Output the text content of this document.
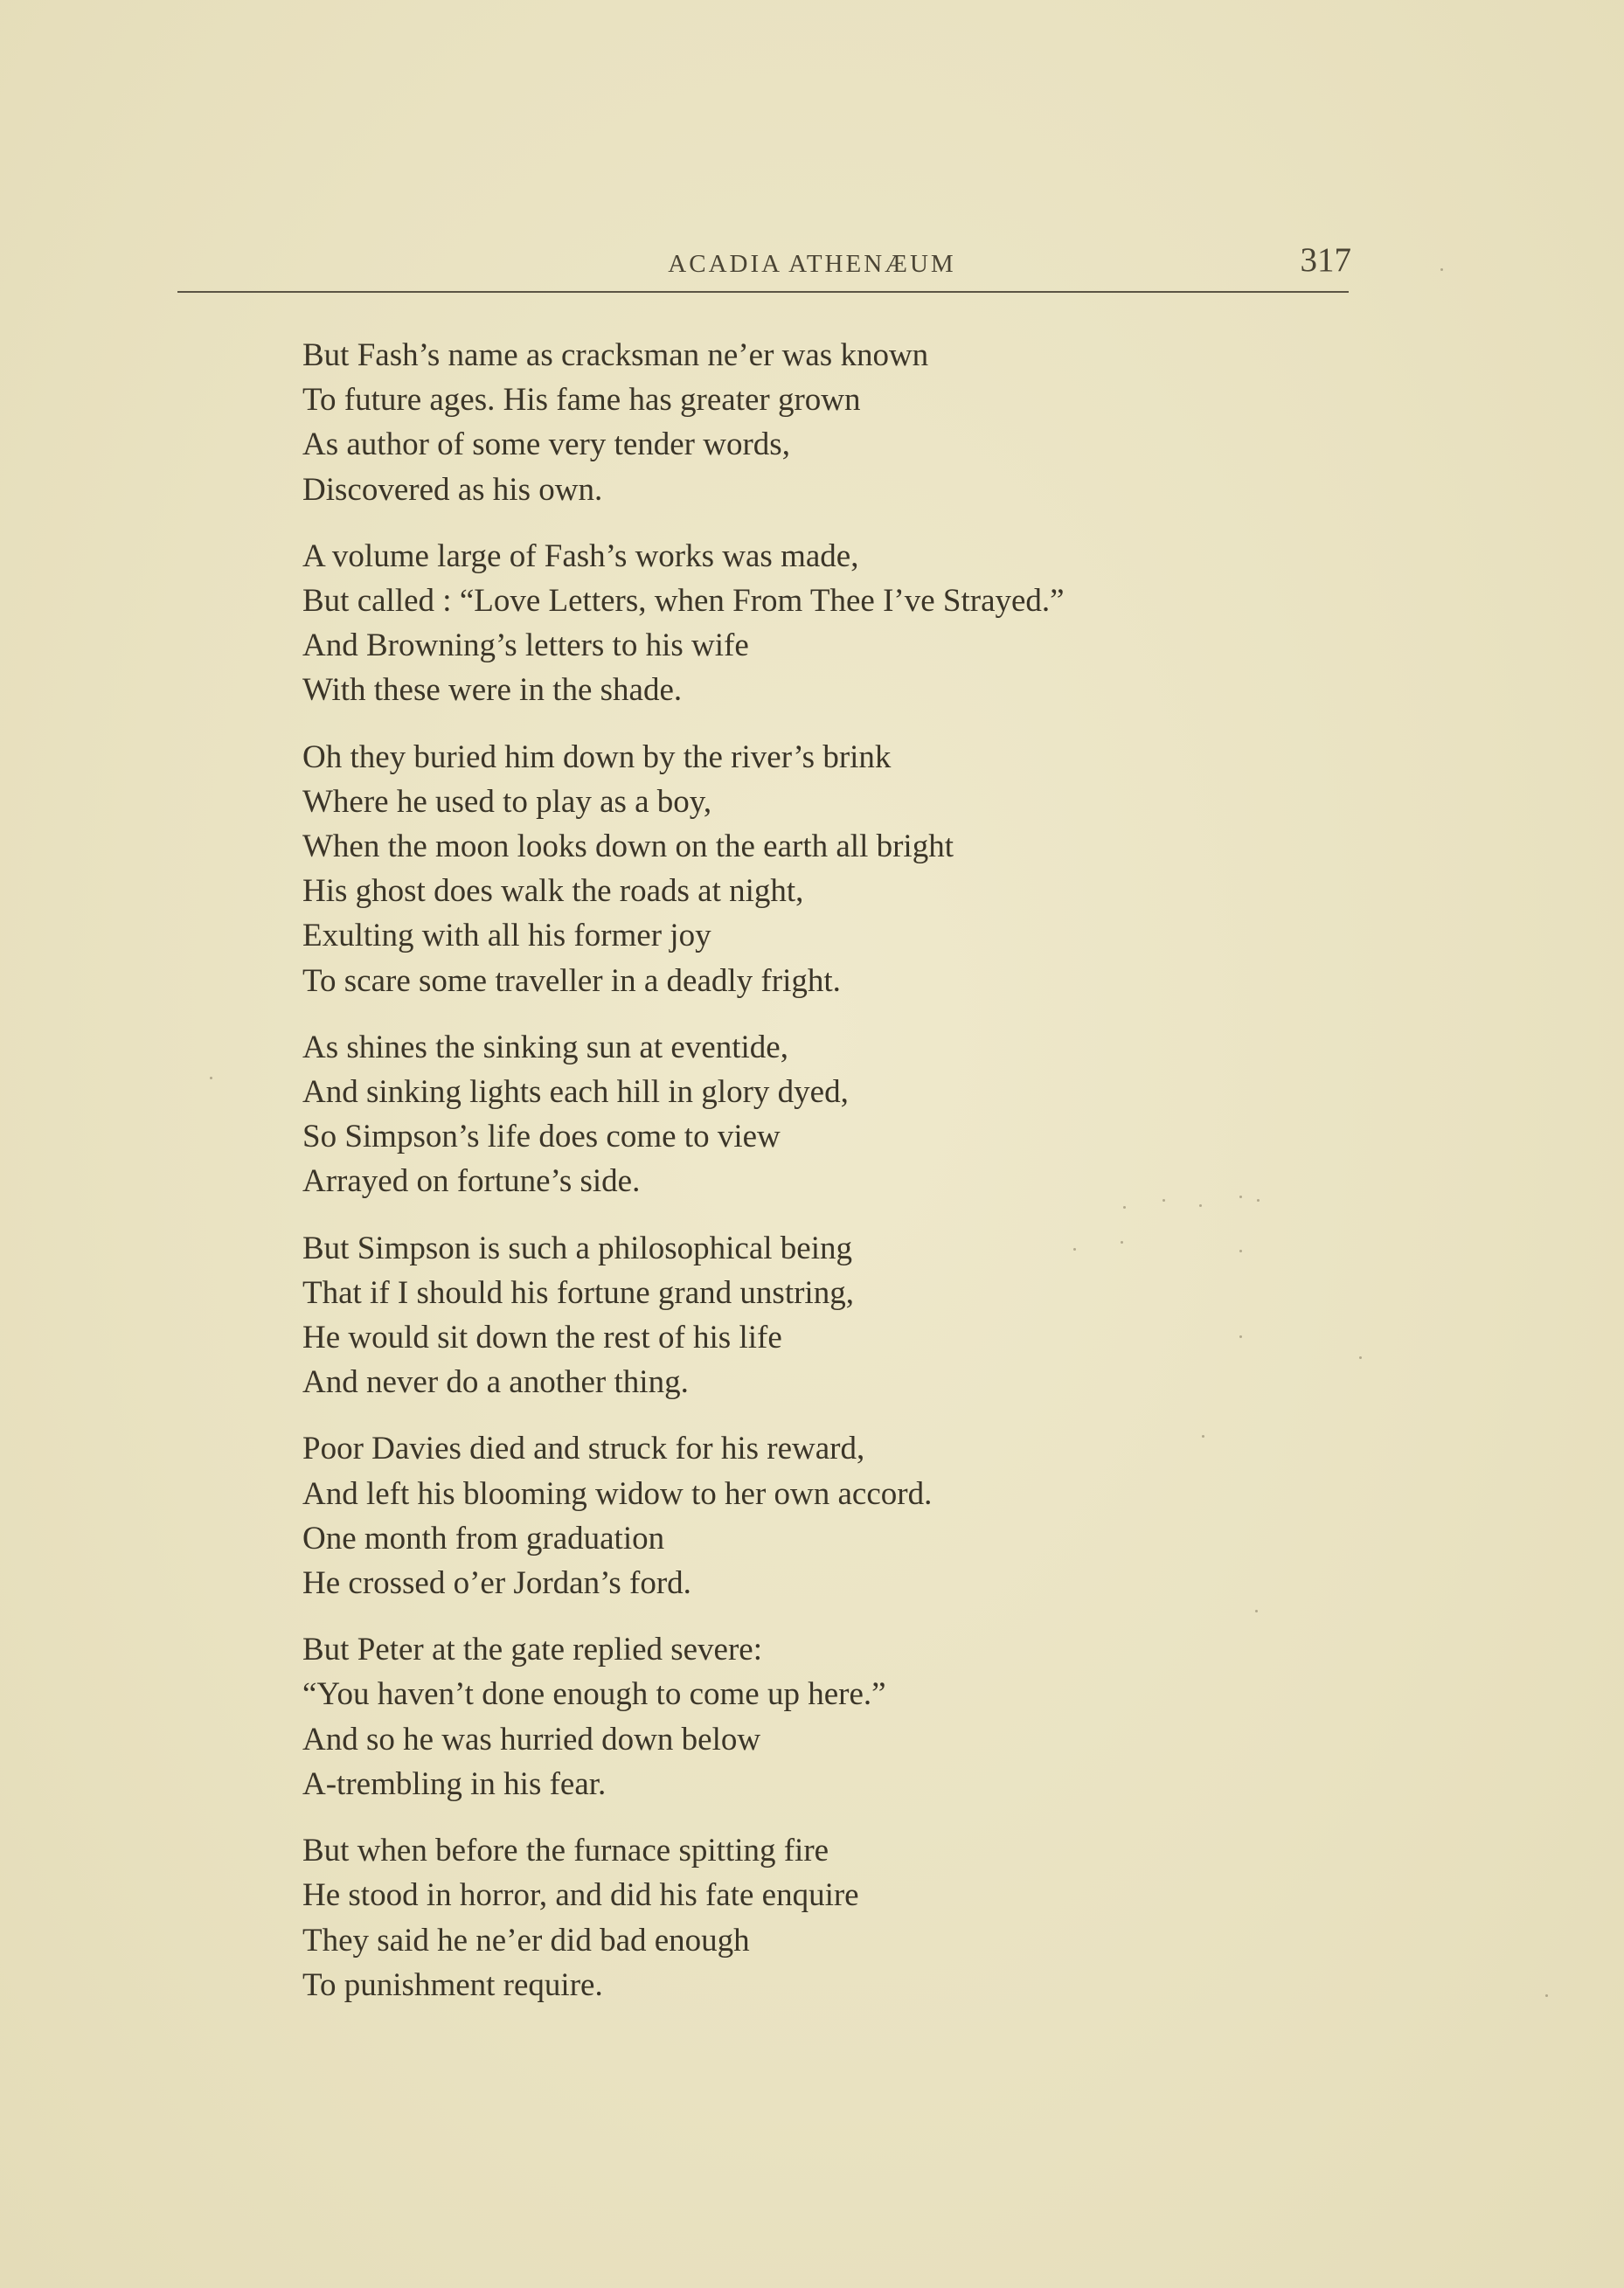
ACADIA ATHENÆUM	317
But Fash’s name as cracksman ne’er was known
To future ages. His fame has greater grown
As author of some very tender words,
Discovered as his own.
A volume large of Fash’s works was made,
But called : “Love Letters, when From Thee I’ve Strayed.”
And Browning’s letters to his wife
With these were in the shade.
Oh they buried him down by the river’s brink
Where he used to play as a boy,
When the moon looks down on the earth all bright
His ghost does walk the roads at night,
Exulting with all his former joy
To scare some traveller in a deadly fright.
As shines the sinking sun at eventide,
And sinking lights each hill in glory dyed,
So Simpson’s life does come to view
Arrayed on fortune’s side.
But Simpson is such a philosophical being
That if I should his fortune grand unstring,
He would sit down the rest of his life
And never do a another thing.
Poor Davies died and struck for his reward,
And left his blooming widow to her own accord.
One month from graduation
He crossed o’er Jordan’s ford.
But Peter at the gate replied severe:
“You haven’t done enough to come up here.”
And so he was hurried down below
A-trembling in his fear.
But when before the furnace spitting fire
He stood in horror, and did his fate enquire
They said he ne’er did bad enough
To punishment require.
